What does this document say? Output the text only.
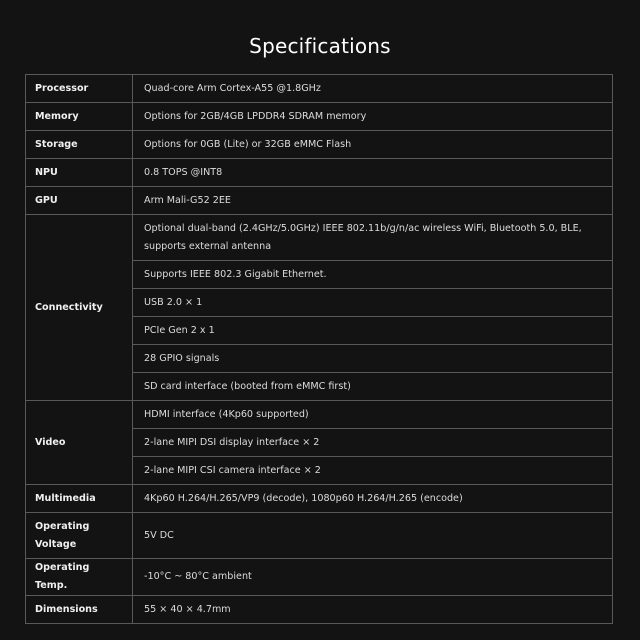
Specifications
Processor	Quad-core Arm Cortex-A55 @1.8GHz
Memory	Options for 2GB/4GB LPDDR4 SDRAM memory
Storage	Options for 0GB (Lite) or 32GB eMMC Flash
NPU	0.8 TOPS @INT8
GPU	Arm Mali-G52 2EE
Connectivity	Optional dual-band (2.4GHz/5.0GHz) IEEE 802.11b/g/n/ac wireless WiFi, Bluetooth 5.0, BLE, supports external antenna
	Supports IEEE 802.3 Gigabit Ethernet.
	USB 2.0 × 1
	PCIe Gen 2 x 1
	28 GPIO signals
	SD card interface (booted from eMMC first)
Video	HDMI interface (4Kp60 supported)
	2-lane MIPI DSI display interface × 2
	2-lane MIPI CSI camera interface × 2
Multimedia	4Kp60 H.264/H.265/VP9 (decode), 1080p60 H.264/H.265 (encode)
Operating Voltage	5V DC
Operating Temp.	-10°C ~ 80°C ambient
Dimensions	55 × 40 × 4.7mm
